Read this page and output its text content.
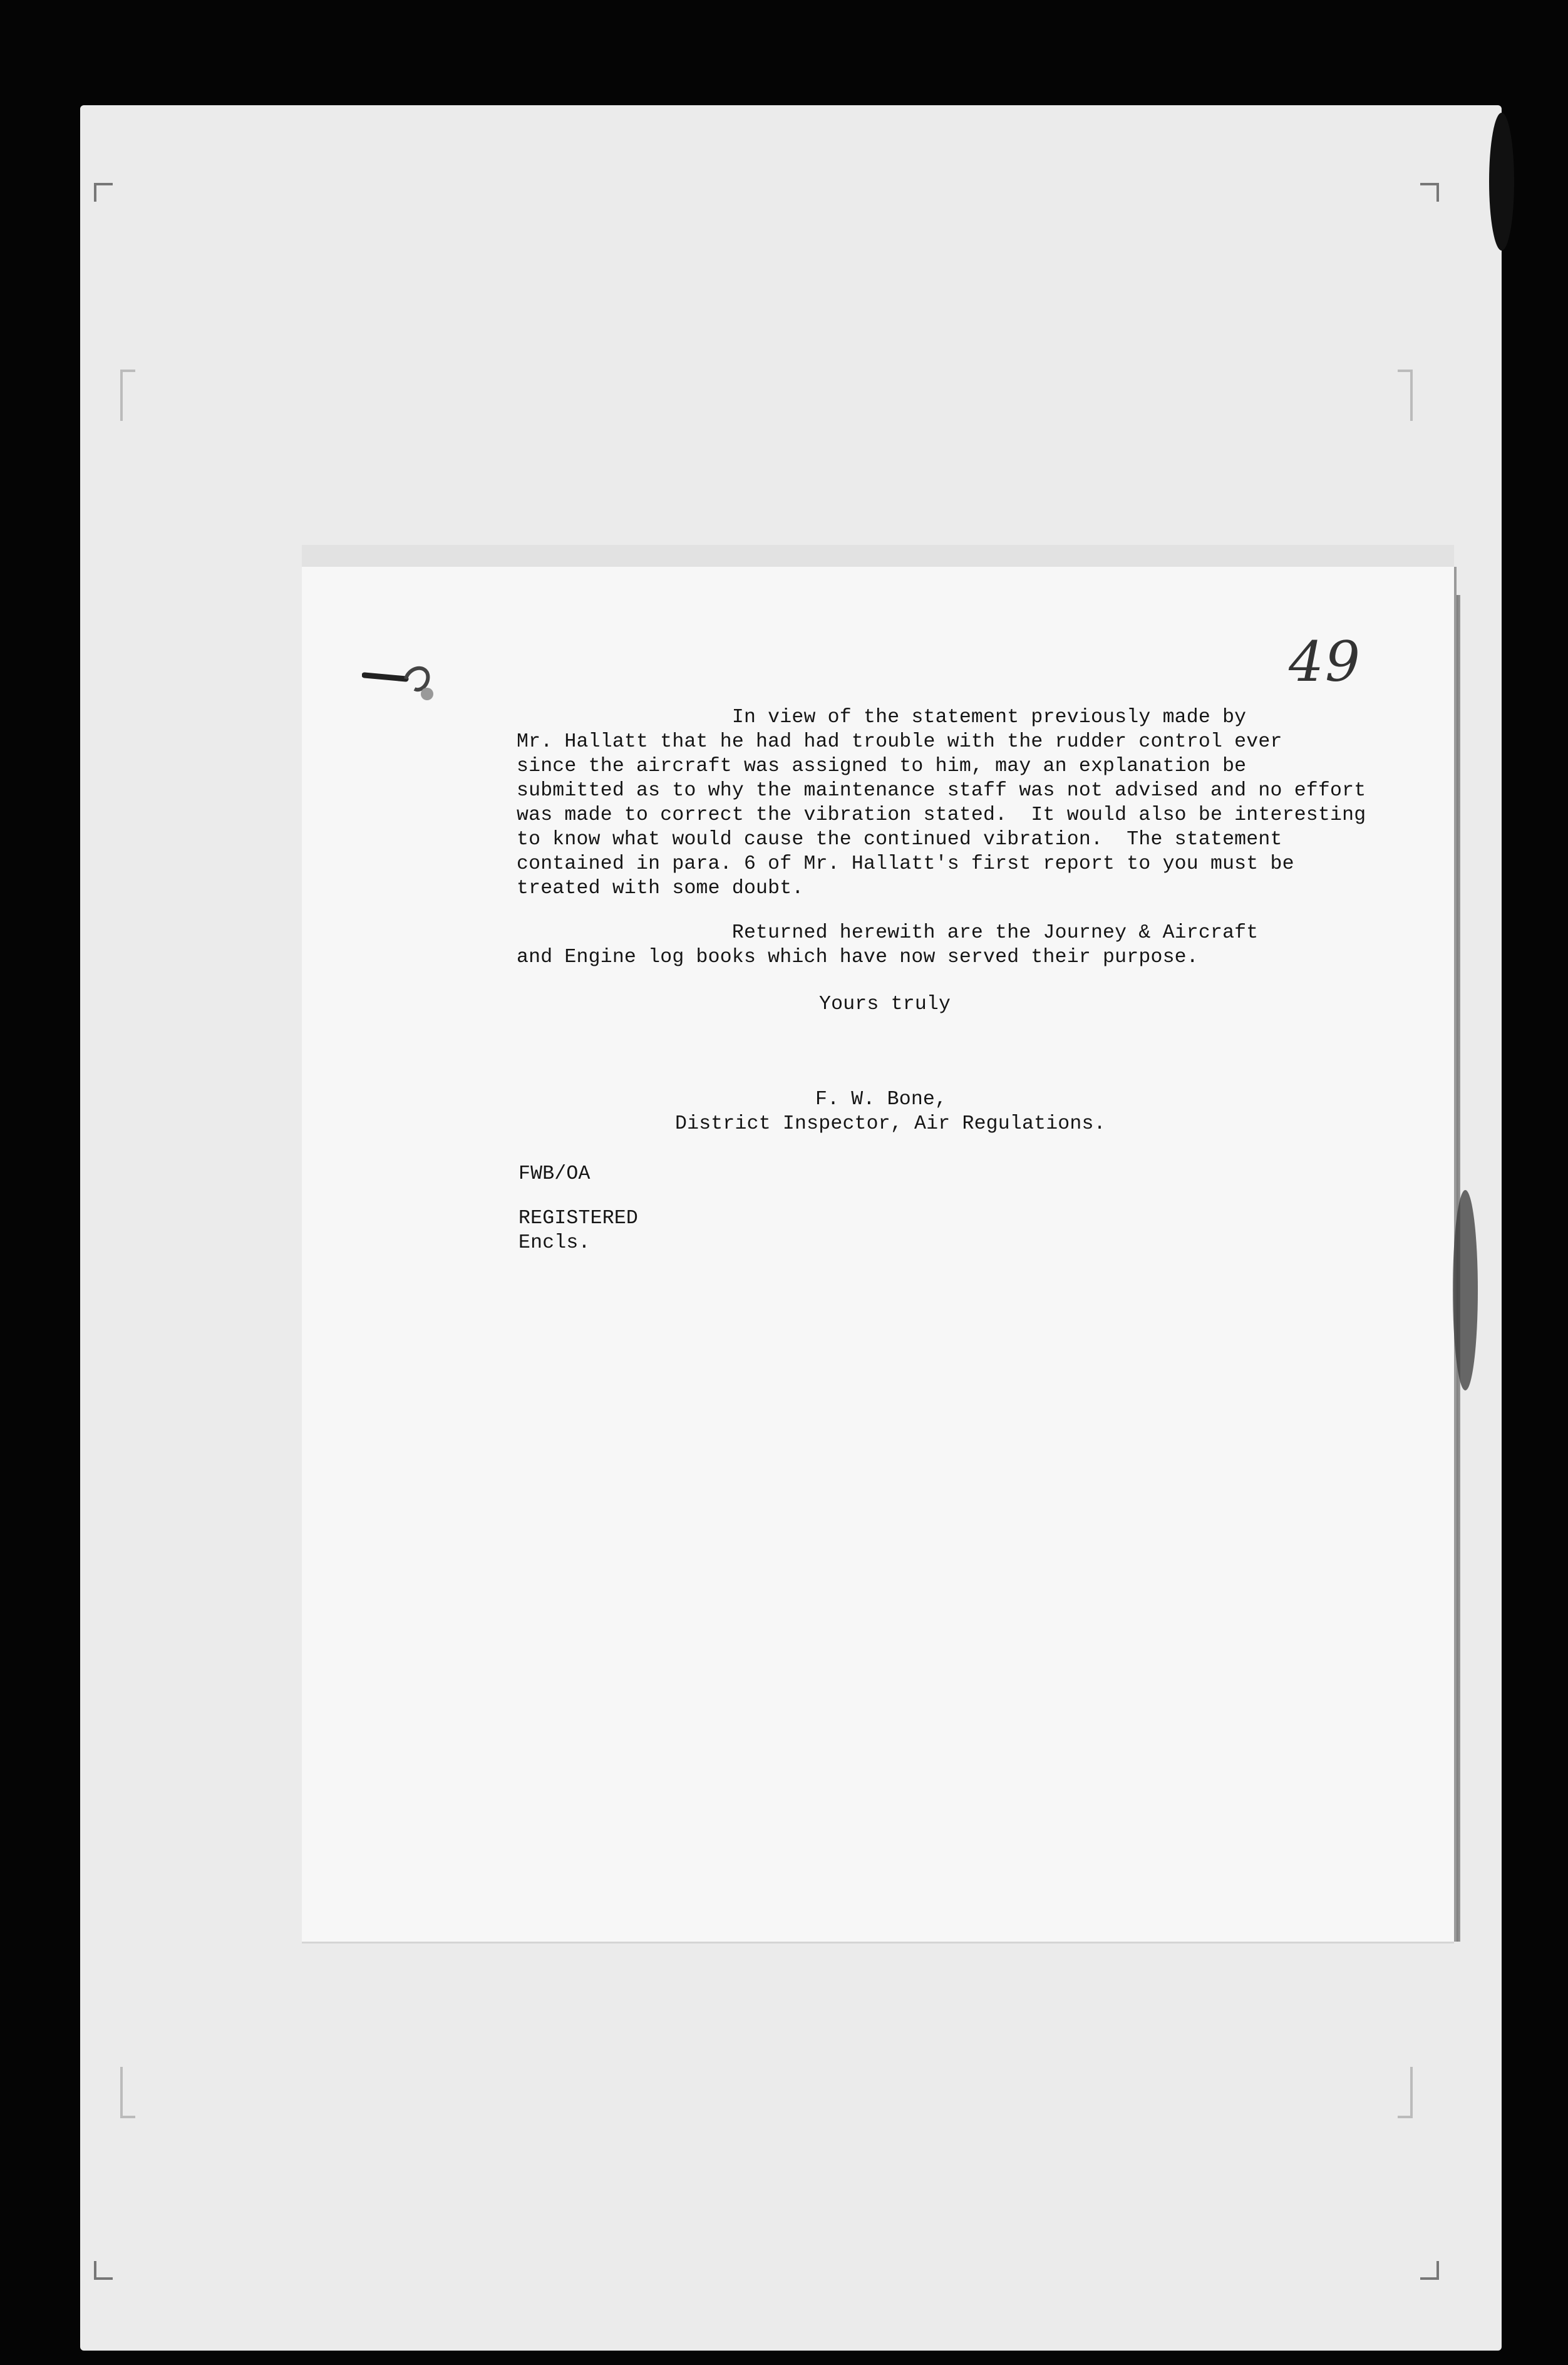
49
In view of the statement previously made by
Mr. Hallatt that he had had trouble with the rudder control ever
since the aircraft was assigned to him, may an explanation be
submitted as to why the maintenance staff was not advised and no effort
was made to correct the vibration stated.  It would also be interesting
to know what would cause the continued vibration.  The statement
contained in para. 6 of Mr. Hallatt's first report to you must be
treated with some doubt.
Returned herewith are the Journey & Aircraft
and Engine log books which have now served their purpose.
Yours truly
F. W. Bone,
District Inspector, Air Regulations.
FWB/OA
REGISTERED
Encls.
